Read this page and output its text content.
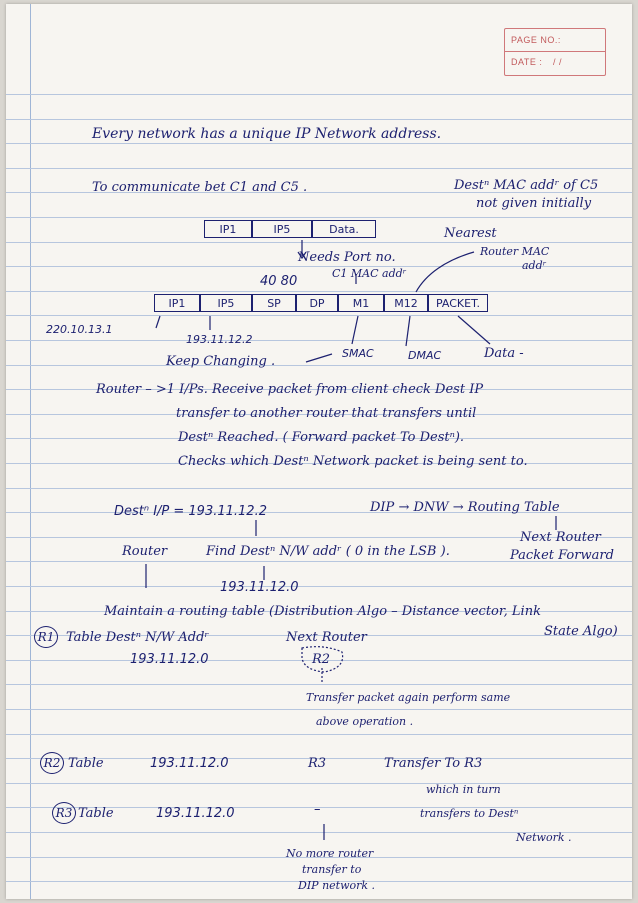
PAGE NO.:
DATE : / /
Every network has a unique IP Network address.
To communicate bet C1 and C5 .	Destⁿ MAC addʳ of C5
not given initially
IP1	IP5	Data.	Nearest
Router MAC
addʳ
Needs Port no.
40 80
C1 MAC addʳ
IP1	IP5	SP	DP	M1 M12 PACKET.
220.10.13.1
193.11.12.2
SMAC	DMAC	Data -
Keep Changing .
Router – >1 I/Ps. Receive packet from client check Dest IP
transfer to another router that transfers until
Destⁿ Reached. ( Forward packet To Destⁿ).
Checks which Destⁿ Network packet is being sent to.
Destⁿ I/P = 193.11.12.2	DIP → DNW → Routing Table
Next Router
Router	Find Destⁿ N/W addʳ ( 0 in the LSB ).	Packet Forward
193.11.12.0
Maintain a routing table (Distribution Algo – Distance vector, Link
State Algo)
R1 Table Destⁿ N/W Addʳ	Next Router
193.11.12.0	R2
Transfer packet again perform same
above operation .
R2 Table	193.11.12.0	R3	Transfer To R3
which in turn
R3 Table	193.11.12.0	–	transfers to Destⁿ
Network .
No more router
transfer to
DIP network .
